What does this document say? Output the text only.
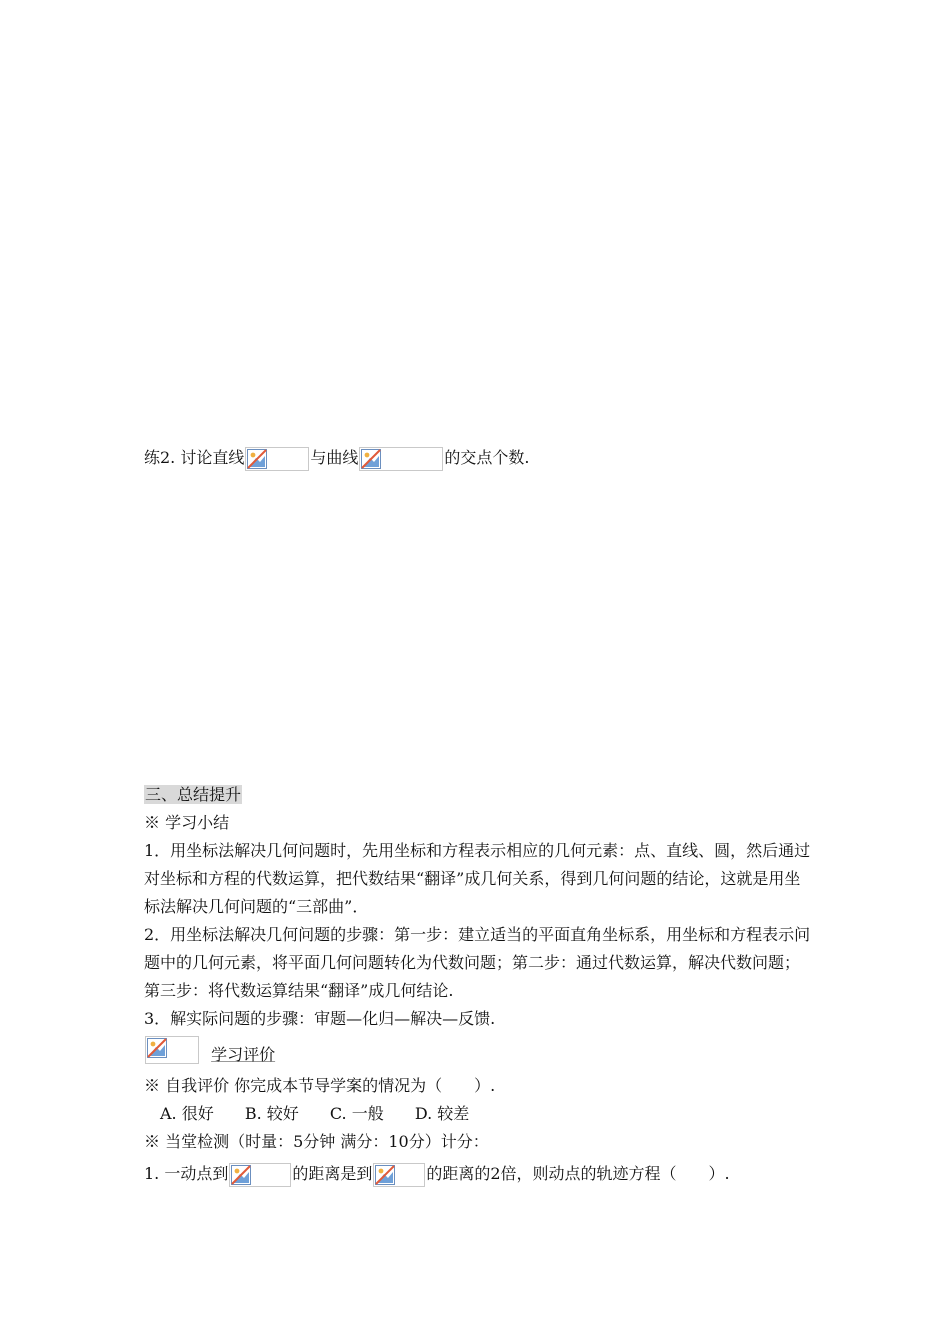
练2. 讨论直线	与曲线	的交点个数.
三、总结提升
※ 学习小结
1．用坐标法解决几何问题时，先用坐标和方程表示相应的几何元素：点、直线、圆，然后通过对坐标和方程的代数运算，把代数结果“翻译”成几何关系，得到几何问题的结论，这就是用坐标法解决几何问题的“三部曲”．
2．用坐标法解决几何问题的步骤：第一步：建立适当的平面直角坐标系，用坐标和方程表示问题中的几何元素，将平面几何问题转化为代数问题；第二步：通过代数运算，解决代数问题；第三步：将代数运算结果“翻译”成几何结论.
3．解实际问题的步骤：审题—化归—解决—反馈.
学习评价
※ 自我评价 你完成本节导学案的情况为（　　）.
A. 很好 B. 较好 C. 一般 D. 较差
※ 当堂检测（时量：5分钟 满分：10分）计分：
1. 一动点到	的距离是到	的距离的2倍，则动点的轨迹方程（　　）.
